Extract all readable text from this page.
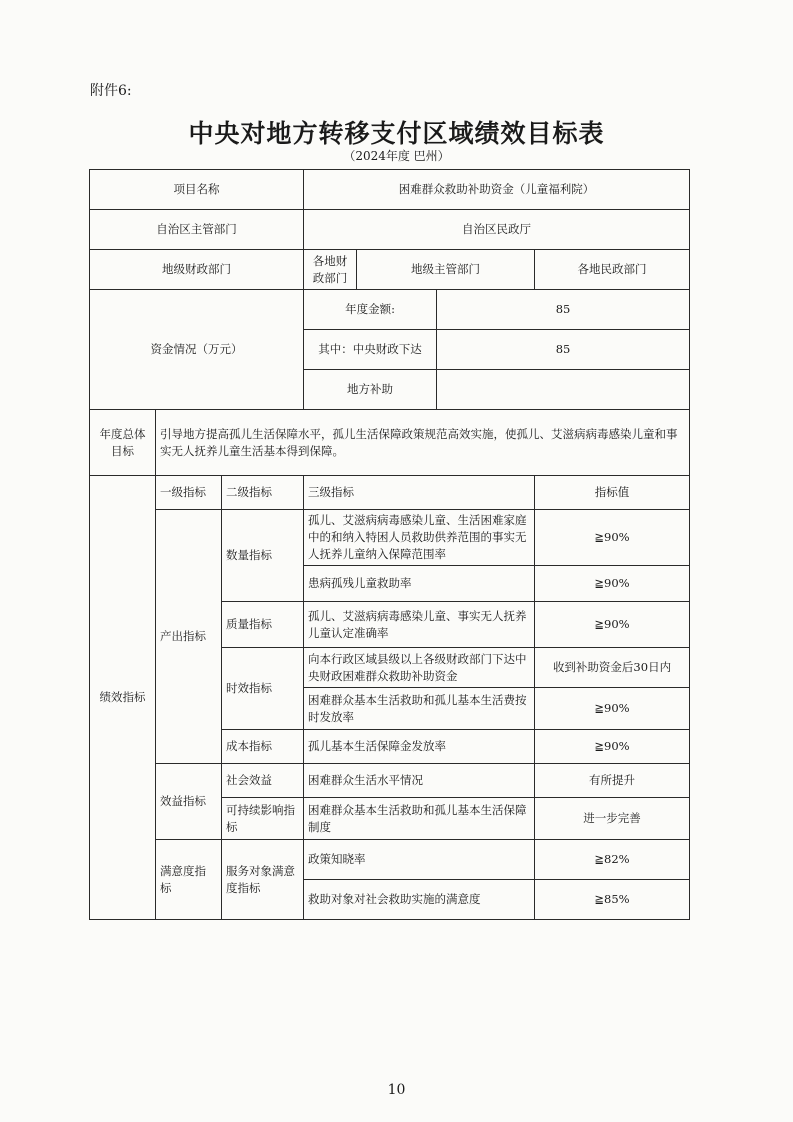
附件6:
中央对地方转移支付区域绩效目标表
（2024年度 巴州）
项目名称			困难群众救助补助资金（儿童福利院）			
自治区主管部门			自治区民政厅			
地级财政部门			各地财政部门	地级主管部门		各地民政部门
资金情况（万元）			年度金额:		85	
			其中：中央财政下达		85	
			地方补助			
年度总体目标	引导地方提高孤儿生活保障水平，孤儿生活保障政策规范高效实施，使孤儿、艾滋病病毒感染儿童和事实无人抚养儿童生活基本得到保障。					
绩效指标	一级指标	二级指标	三级指标			指标值
	产出指标	数量指标	孤儿、艾滋病病毒感染儿童、生活困难家庭中的和纳入特困人员救助供养范围的事实无人抚养儿童纳入保障范围率			≧90%
			患病孤残儿童救助率			≧90%
		质量指标	孤儿、艾滋病病毒感染儿童、事实无人抚养儿童认定准确率			≧90%
		时效指标	向本行政区域县级以上各级财政部门下达中央财政困难群众救助补助资金			收到补助资金后30日内
			困难群众基本生活救助和孤儿基本生活费按时发放率			≧90%
		成本指标	孤儿基本生活保障金发放率			≧90%
	效益指标	社会效益	困难群众生活水平情况			有所提升
		可持续影响指标	困难群众基本生活救助和孤儿基本生活保障制度			进一步完善
	满意度指标	服务对象满意度指标	政策知晓率			≧82%
			救助对象对社会救助实施的满意度			≧85%
10
